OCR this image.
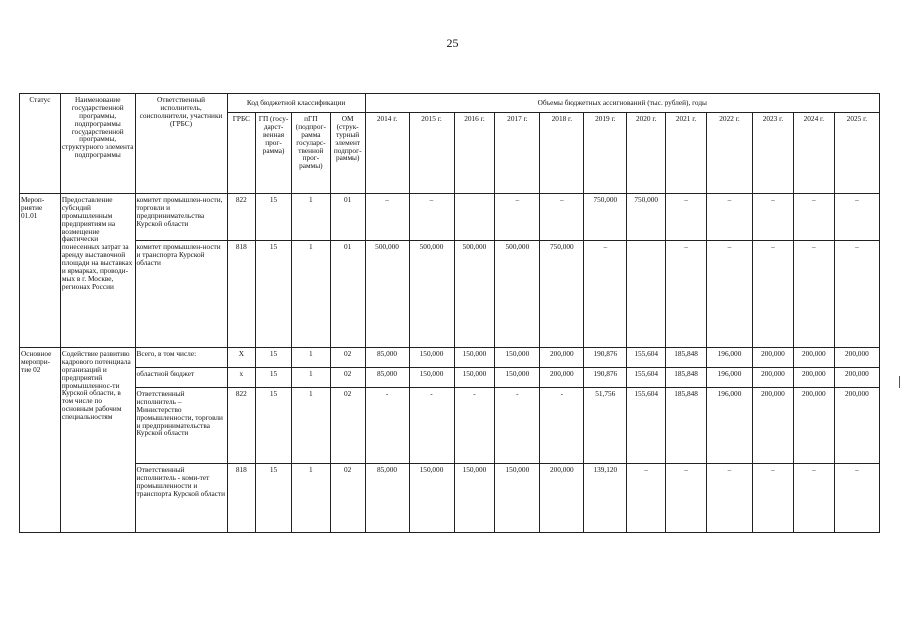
25
Статус	Наименование государственной программы, подпрограммы государственной программы, структурного элемента подпрограммы	Ответственный исполнитель, соисполнители, участники (ГРБС)	Код бюджетной классификации				Объемы бюджетных ассигнований (тыс. рублей), годы											
			ГРБС	ГП (госу-дарст-венная прог-рамма)	пГП (подпрог-рамма госуларс-твенной прог-раммы)	ОМ (струк-турный элемент подпрог-раммы)	2014 г.	2015 г.	2016 г.	2017 г.	2018 г.	2019 г.	2020 г.	2021 г.	2022 г.	2023 г.	2024 г.	2025 г.
Мероп-риятие 01.01	Предоставление субсидий промышленным предприятиям на возмещение фактически понесенных затрат за аренду выставочной площади на выставках и ярмарках, проводи-мых в г. Москве, регионах России	комитет промышлен-ности, торговли и предпринимательства Курской области	822	15	1	01	–	–		–	–	750,000	750,000	–	–	–	–	–
		комитет промышлен-ности и транспорта Курской области	818	15	1	01	500,000	500,000	500,000	500,000	750,000	–		–	–	–	–	–
Основное меропри-тие 02	Содействие развитию кадрового потенциала организаций и предприятий промышленнос-ти Курской области, в том числе по основным рабочим специальностям	Всего, в том числе:	X	15	1	02	85,000	150,000	150,000	150,000	200,000	190,876	155,604	185,848	196,000	200,000	200,000	200,000
		областной бюджет	x	15	1	02	85,000	150,000	150,000	150,000	200,000	190,876	155,604	185,848	196,000	200,000	200,000	200,000
		Ответственный исполнитель – Министерство промышленности, торговли и предпринимательства Курской области	822	15	1	02	-	-	-	-	-	51,756	155,604	185,848	196,000	200,000	200,000	200,000
		Ответственный исполнитель - коми-тет промышленности и транспорта Курской области	818	15	1	02	85,000	150,000	150,000	150,000	200,000	139,120	–	–	–	–	–	–
